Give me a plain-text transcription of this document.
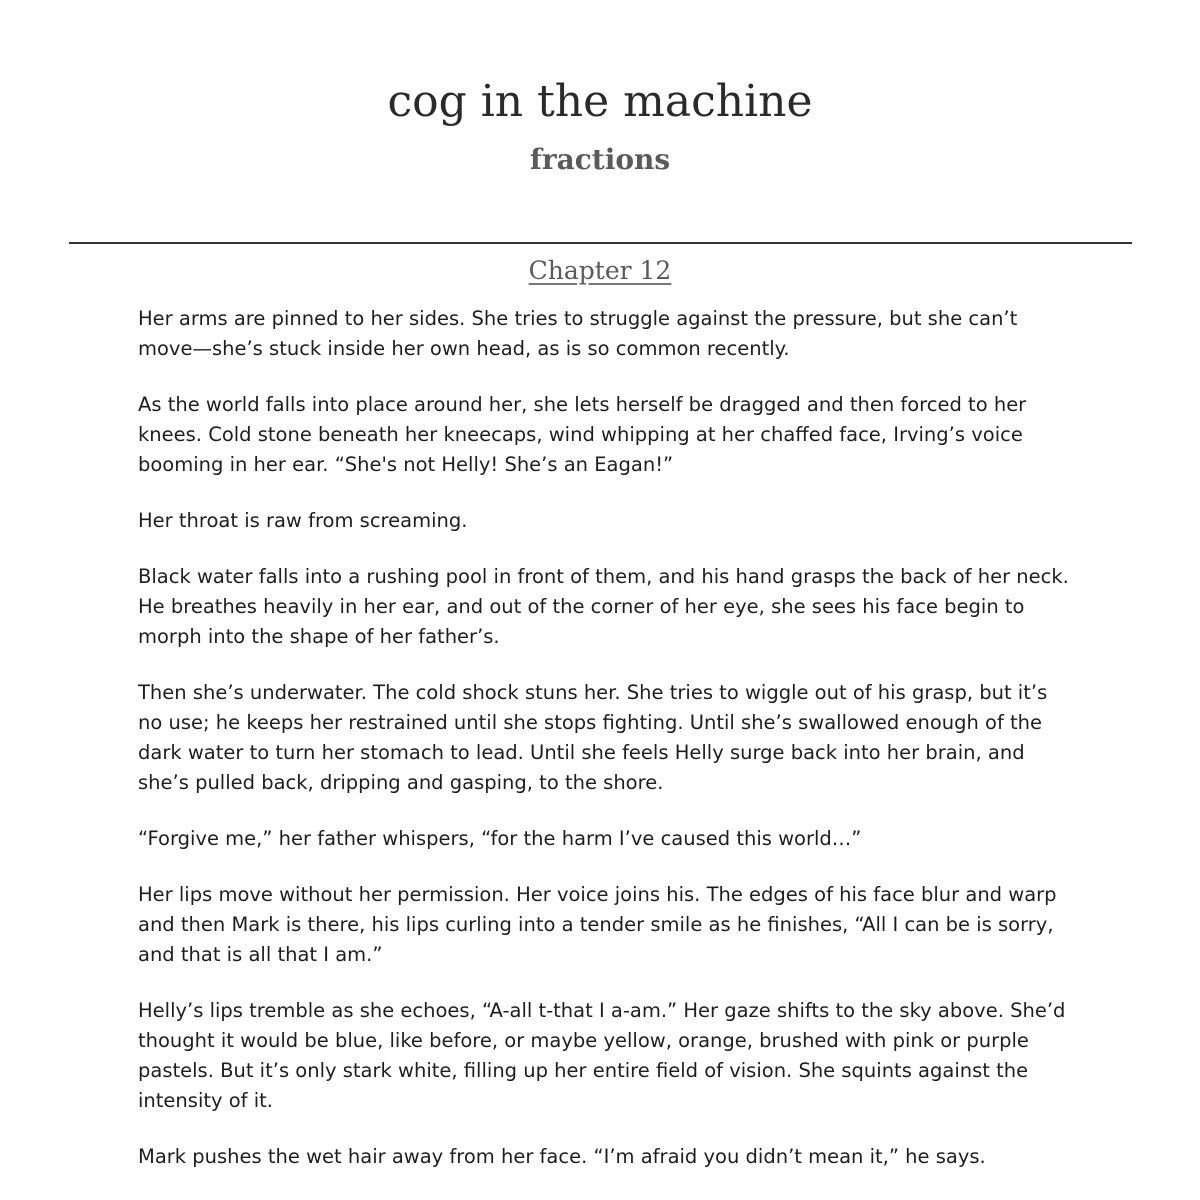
cog in the machine
fractions
Chapter 12

Her arms are pinned to her sides. She tries to struggle against the pressure, but she can’t move—she’s stuck inside her own head, as is so common recently.

As the world falls into place around her, she lets herself be dragged and then forced to her knees. Cold stone beneath her kneecaps, wind whipping at her chaffed face, Irving’s voice booming in her ear. “She's not Helly! She’s an Eagan!”

Her throat is raw from screaming.

Black water falls into a rushing pool in front of them, and his hand grasps the back of her neck. He breathes heavily in her ear, and out of the corner of her eye, she sees his face begin to morph into the shape of her father’s.

Then she’s underwater. The cold shock stuns her. She tries to wiggle out of his grasp, but it’s no use; he keeps her restrained until she stops fighting. Until she’s swallowed enough of the dark water to turn her stomach to lead. Until she feels Helly surge back into her brain, and she’s pulled back, dripping and gasping, to the shore.

“Forgive me,” her father whispers, “for the harm I’ve caused this world…”

Her lips move without her permission. Her voice joins his. The edges of his face blur and warp and then Mark is there, his lips curling into a tender smile as he finishes, “All I can be is sorry, and that is all that I am.”

Helly’s lips tremble as she echoes, “A-all t-that I a-am.” Her gaze shifts to the sky above. She’d thought it would be blue, like before, or maybe yellow, orange, brushed with pink or purple pastels. But it’s only stark white, filling up her entire field of vision. She squints against the intensity of it.

Mark pushes the wet hair away from her face. “I’m afraid you didn’t mean it,” he says.
